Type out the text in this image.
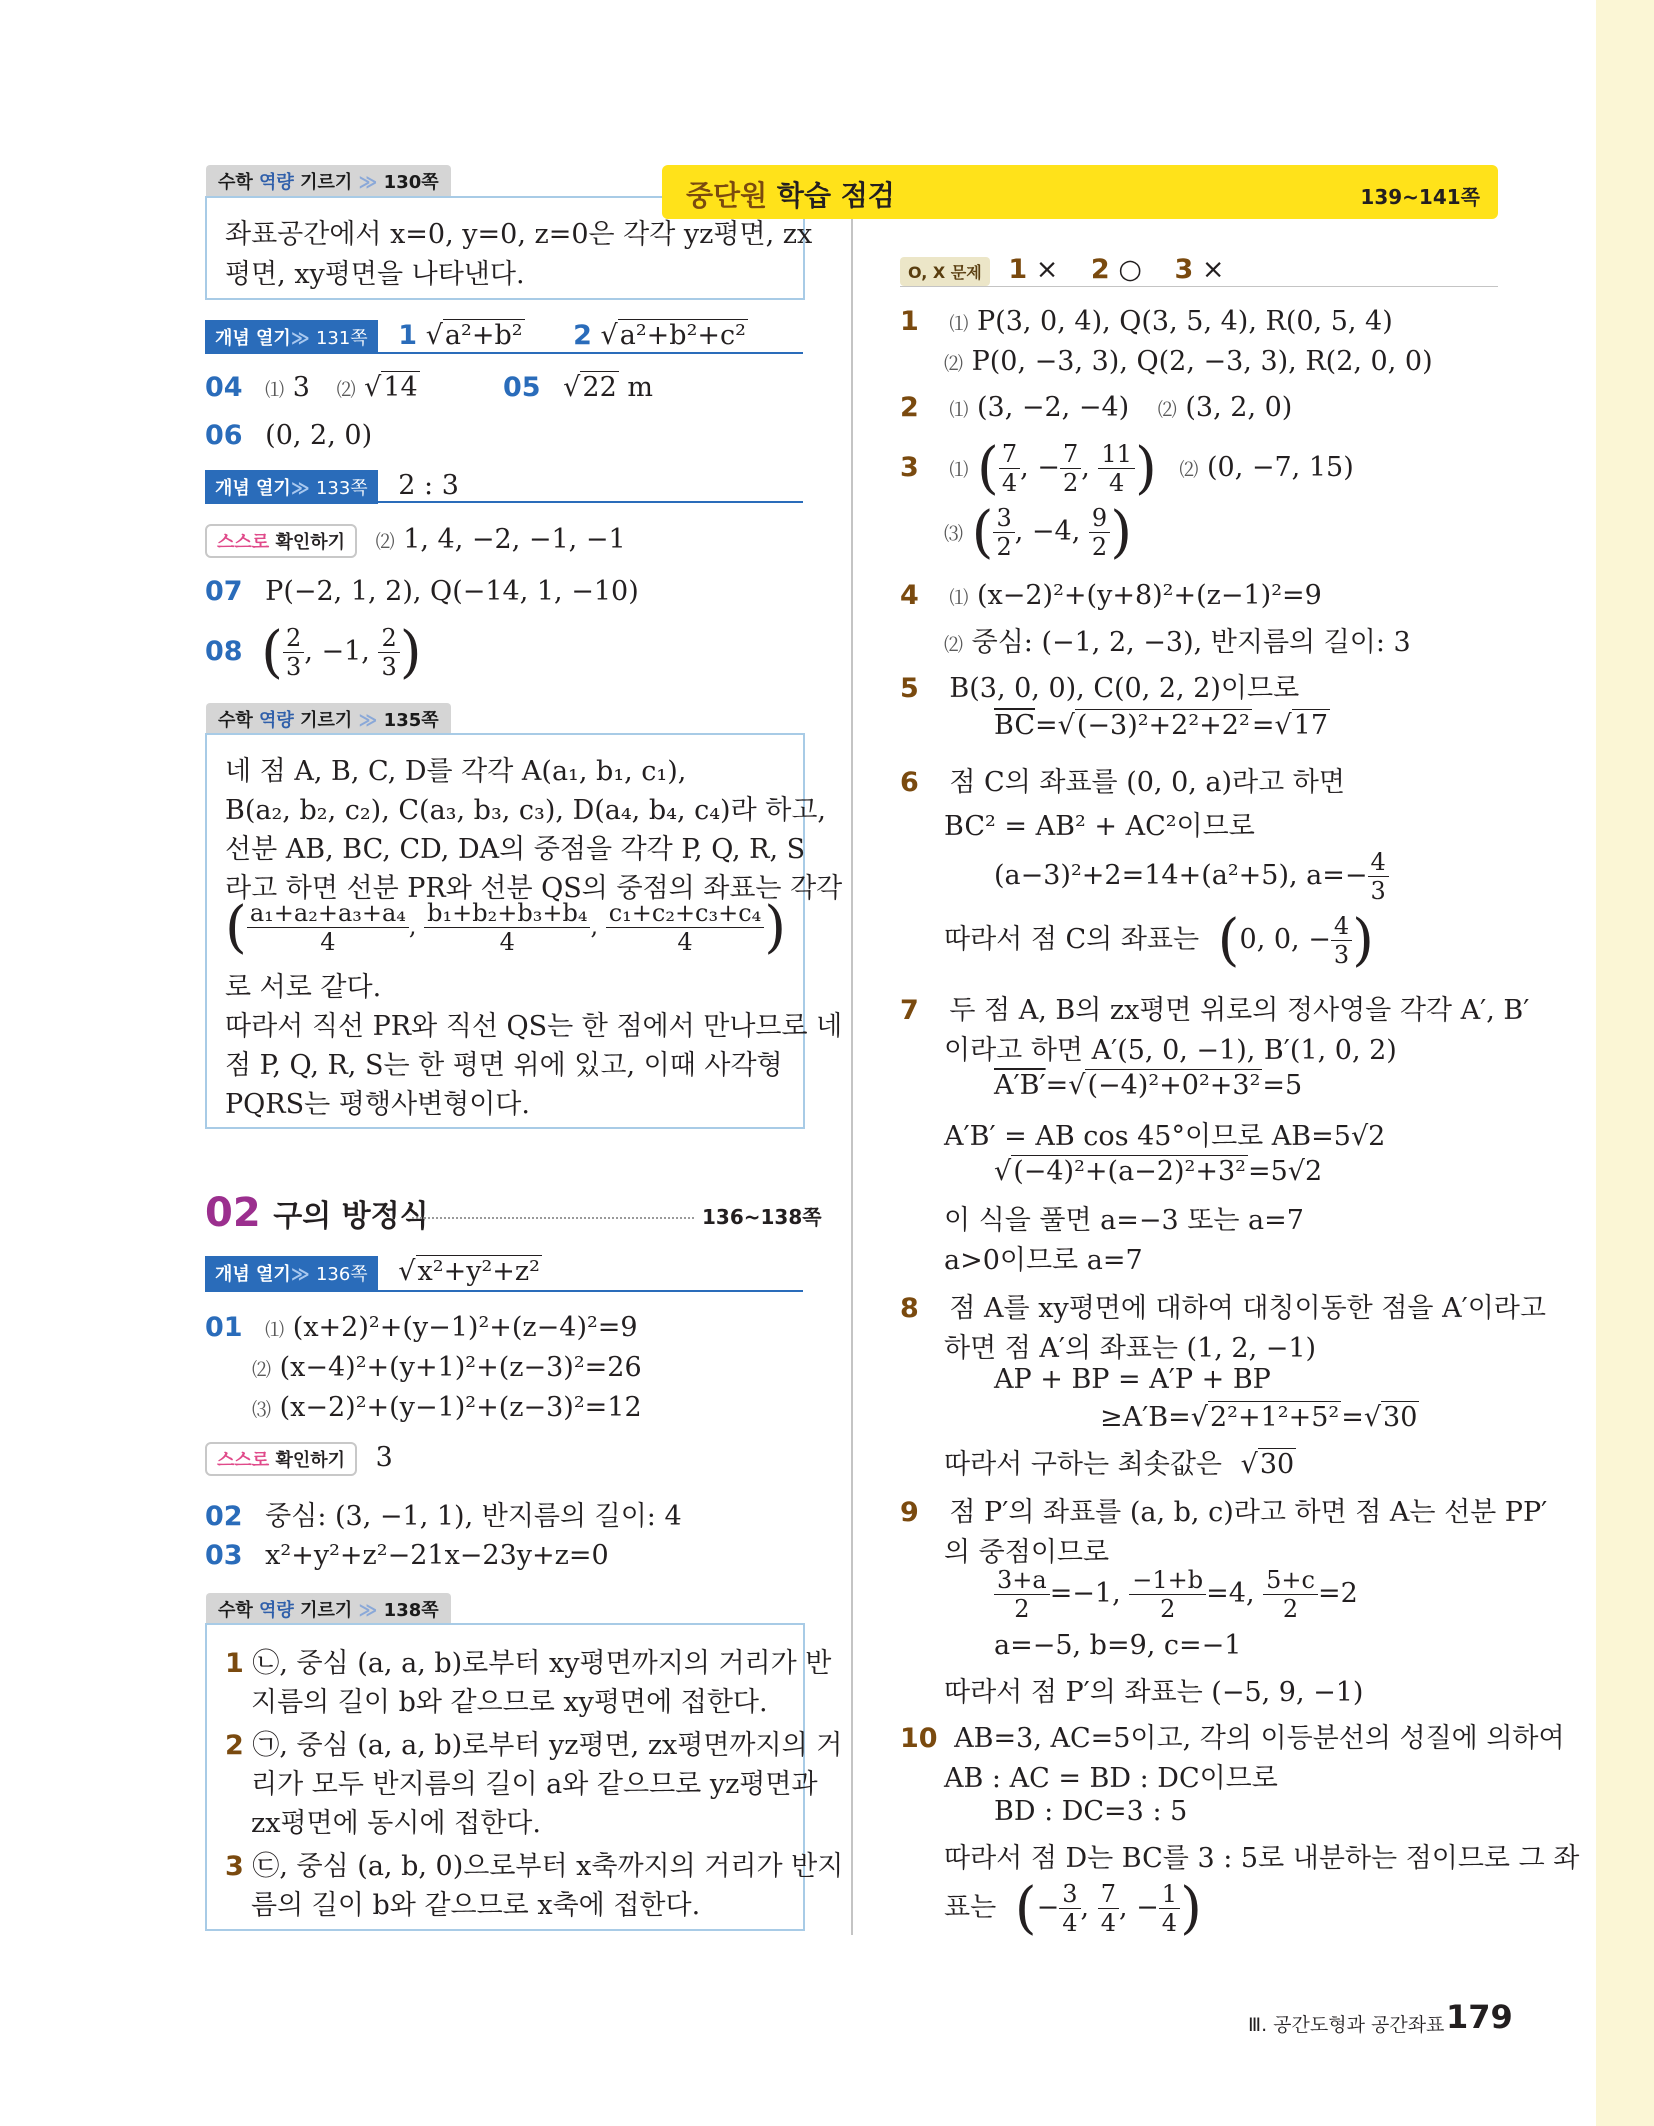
수학 역량 기르기 ≫ 130쪽
좌표공간에서 x=0, y=0, z=0은 각각 yz평면, zx
평면, xy평면을 나타낸다.
개념 열기≫ 131쪽 1 √a²+b² 2 √a²+b²+c²
04 ⑴ 3 ⑵ √14	05 √22 m
06 (0, 2, 0)
개념 열기≫ 133쪽 2 : 3
스스로 확인하기 ⑵ 1, 4, −2, −1, −1
07 P(−2, 1, 2), Q(−14, 1, −10)
08 ( $\frac{2}{3}$ , −1, $\frac{2}{3}$ )
수학 역량 기르기 ≫ 135쪽
네 점 A, B, C, D를 각각 A(a₁, b₁, c₁),
B(a₂, b₂, c₂), C(a₃, b₃, c₃), D(a₄, b₄, c₄)라 하고,
선분 AB, BC, CD, DA의 중점을 각각 P, Q, R, S
라고 하면 선분 PR와 선분 QS의 중점의 좌표는 각각
( $\frac{\text{a₁+a₂+a₃+a₄}}{4}$ , $\frac{\text{b₁+b₂+b₃+b₄}}{4}$ , $\frac{\text{c₁+c₂+c₃+c₄}}{4}$ )
로 서로 같다.
따라서 직선 PR와 직선 QS는 한 점에서 만나므로 네
점 P, Q, R, S는 한 평면 위에 있고, 이때 사각형
PQRS는 평행사변형이다.
02 구의 방정식	136~138쪽
개념 열기≫ 136쪽 √x²+y²+z²
01 ⑴ (x+2)²+(y−1)²+(z−4)²=9
⑵ (x−4)²+(y+1)²+(z−3)²=26
⑶ (x−2)²+(y−1)²+(z−3)²=12
스스로 확인하기 3
02 중심: (3, −1, 1), 반지름의 길이: 4
03 x²+y²+z²−21x−23y+z=0
수학 역량 기르기 ≫ 138쪽
1 ㉡, 중심 (a, a, b)로부터 xy평면까지의 거리가 반
지름의 길이 b와 같으므로 xy평면에 접한다.
2 ㉠, 중심 (a, a, b)로부터 yz평면, zx평면까지의 거
리가 모두 반지름의 길이 a와 같으므로 yz평면과
zx평면에 동시에 접한다.
3 ㉢, 중심 (a, b, 0)으로부터 x축까지의 거리가 반지
름의 길이 b와 같으므로 x축에 접한다.
중단원 학습 점검	139~141쪽
O, X 문제 1 × 2 ○ 3 ×
1 ⑴ P(3, 0, 4), Q(3, 5, 4), R(0, 5, 4)
⑵ P(0, −3, 3), Q(2, −3, 3), R(2, 0, 0)
2 ⑴ (3, −2, −4) ⑵ (3, 2, 0)
3 ⑴ ( $\frac{7}{4}$ , − $\frac{7}{2}$ , $\frac{11}{4}$ ) ⑵ (0, −7, 15)
⑶ ( $\frac{3}{2}$ , −4, $\frac{9}{2}$ )
4 ⑴ (x−2)²+(y+8)²+(z−1)²=9
⑵ 중심: (−1, 2, −3), 반지름의 길이: 3
5 B(3, 0, 0), C(0, 2, 2)이므로
$\overline{BC}=√(-3)^2+2^2+2^2=√17$
6 점 C의 좌표를 (0, 0, a)라고 하면
BC² = AB² + AC²이므로
(a−3)²+2=14+(a²+5), $a=- \frac{4}{3}$
따라서 점 C의 좌표는 (0, 0, − $\frac{4}{3}$ )
7 두 점 A, B의 zx평면 위로의 정사영을 각각 A′, B′
이라고 하면 A′(5, 0, −1), B′(1, 0, 2)
A′B′=√(−4)²+0²+3²=5
A′B′ = AB cos 45°이므로 AB=5√2
√(−4)²+(a−2)²+3²=5√2
이 식을 풀면 a=−3 또는 a=7
a>0이므로 a=7
8 점 A를 xy평면에 대하여 대칭이동한 점을 A′이라고
하면 점 A′의 좌표는 (1, 2, −1)
AP + BP = A′P + BP
≥A′B=√2²+1²+5²=√30
따라서 구하는 최솟값은 √30
9 점 P′의 좌표를 (a, b, c)라고 하면 점 A는 선분 PP′
의 중점이므로
$\frac{3+a}{2} =-1$, $\frac{-1+b}{2} =4$, $\frac{5+c}{2} =2$
a=−5, b=9, c=−1
따라서 점 P′의 좌표는 (−5, 9, −1)
10 AB=3, AC=5이고, 각의 이등분선의 성질에 의하여
AB : AC = BD : DC이므로
BD : DC=3 : 5
따라서 점 D는 BC를 3 : 5로 내분하는 점이므로 그 좌
표는 (− $\frac{3}{4}$ , $\frac{7}{4}$ , − $\frac{1}{4}$ )
Ⅲ. 공간도형과 공간좌표 179
